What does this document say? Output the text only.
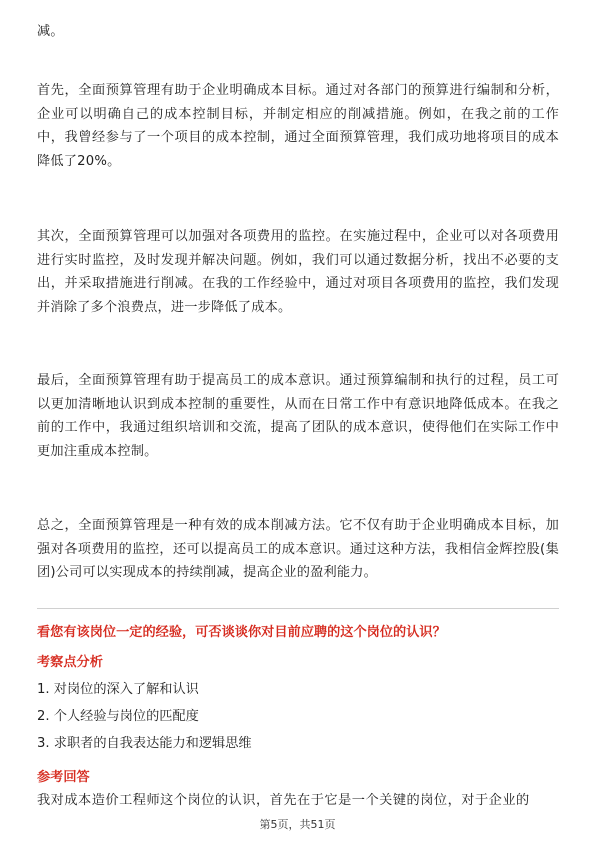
减。

首先，全面预算管理有助于企业明确成本目标。通过对各部门的预算进行编制和分析，企业可以明确自己的成本控制目标，并制定相应的削减措施。例如，在我之前的工作中，我曾经参与了一个项目的成本控制，通过全面预算管理，我们成功地将项目的成本降低了20%。

其次，全面预算管理可以加强对各项费用的监控。在实施过程中，企业可以对各项费用进行实时监控，及时发现并解决问题。例如，我们可以通过数据分析，找出不必要的支出，并采取措施进行削减。在我的工作经验中，通过对项目各项费用的监控，我们发现并消除了多个浪费点，进一步降低了成本。

最后，全面预算管理有助于提高员工的成本意识。通过预算编制和执行的过程，员工可以更加清晰地认识到成本控制的重要性，从而在日常工作中有意识地降低成本。在我之前的工作中，我通过组织培训和交流，提高了团队的成本意识，使得他们在实际工作中更加注重成本控制。

总之，全面预算管理是一种有效的成本削减方法。它不仅有助于企业明确成本目标，加强对各项费用的监控，还可以提高员工的成本意识。通过这种方法，我相信金辉控股(集团)公司可以实现成本的持续削减，提高企业的盈利能力。

看您有该岗位一定的经验，可否谈谈你对目前应聘的这个岗位的认识？

考察点分析

1. 对岗位的深入了解和认识

2. 个人经验与岗位的匹配度

3. 求职者的自我表达能力和逻辑思维

参考回答

我对成本造价工程师这个岗位的认识，首先在于它是一个关键的岗位，对于企业的

第5页，共51页
